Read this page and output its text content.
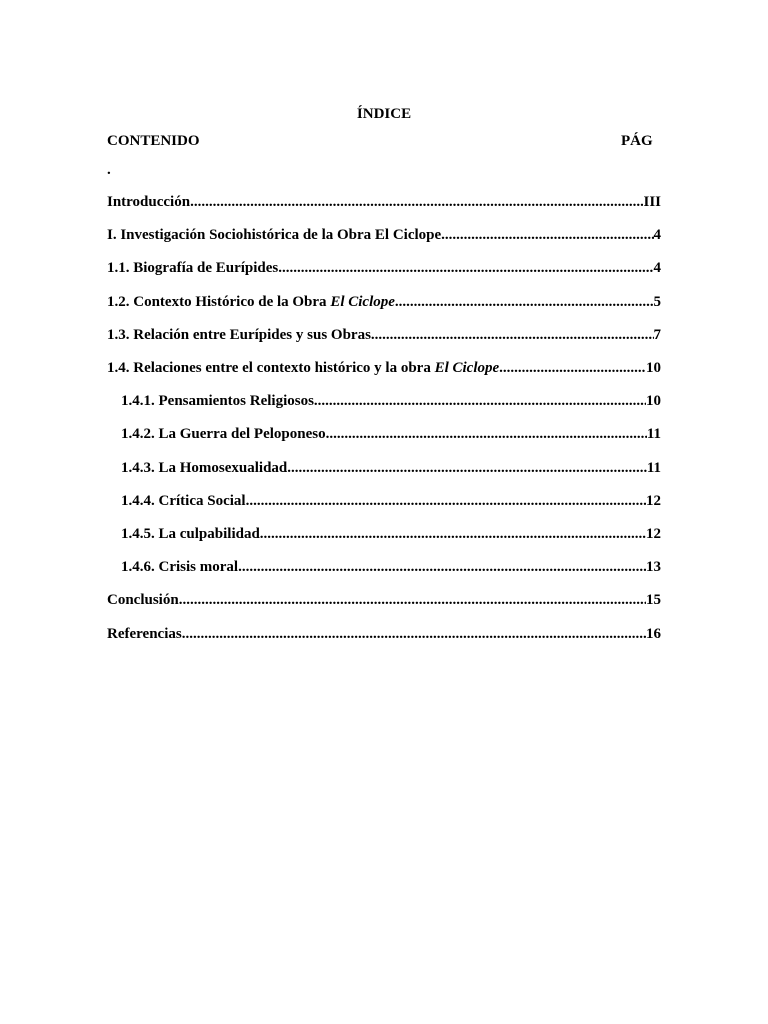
ÍNDICE
CONTENIDO	PÁG
.
Introducción .....	III
I. Investigación Sociohistórica de la Obra El Ciclope .....	4
1.1. Biografía de Eurípides .....	4
1.2. Contexto Histórico de la Obra El Ciclope .....	5
1.3. Relación entre Eurípides y sus Obras .....	7
1.4. Relaciones entre el contexto histórico y la obra El Ciclope .....	10
1.4.1. Pensamientos Religiosos .....	10
1.4.2. La Guerra del Peloponeso .....	11
1.4.3. La Homosexualidad .....	11
1.4.4. Crítica Social .....	12
1.4.5. La culpabilidad .....	12
1.4.6. Crisis moral .....	13
Conclusión .....	15
Referencias .....	16
